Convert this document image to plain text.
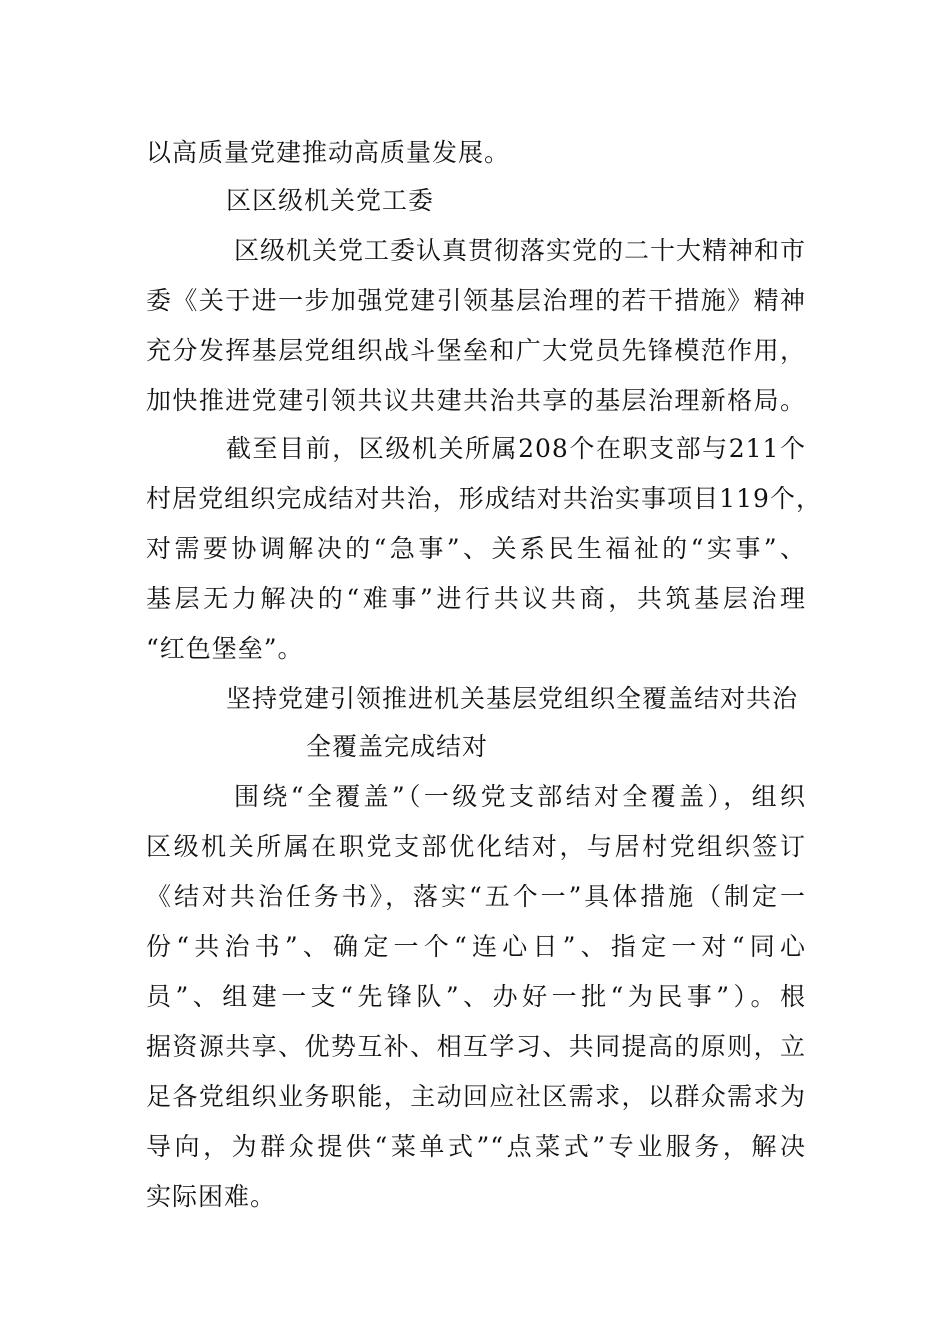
以高质量党建推动高质量发展。
区区级机关党工委
区级机关党工委认真贯彻落实党的二十大精神和市
委《关于进一步加强党建引领基层治理的若干措施》精神
充分发挥基层党组织战斗堡垒和广大党员先锋模范作用，
加快推进党建引领共议共建共治共享的基层治理新格局。
截至目前，区级机关所属208个在职支部与211个
村居党组织完成结对共治，形成结对共治实事项目119个，
对需要协调解决的“急事”、关系民生福祉的“实事”、
基层无力解决的“难事”进行共议共商，共筑基层治理
“红色堡垒”。
坚持党建引领推进机关基层党组织全覆盖结对共治
全覆盖完成结对
围绕“全覆盖”（一级党支部结对全覆盖），组织
区级机关所属在职党支部优化结对，与居村党组织签订
《结对共治任务书》，落实“五个一”具体措施（制定一
份“共治书”、确定一个“连心日”、指定一对“同心
员”、组建一支“先锋队”、办好一批“为民事”）。根
据资源共享、优势互补、相互学习、共同提高的原则，立
足各党组织业务职能，主动回应社区需求，以群众需求为
导向，为群众提供“菜单式”“点菜式”专业服务，解决
实际困难。
